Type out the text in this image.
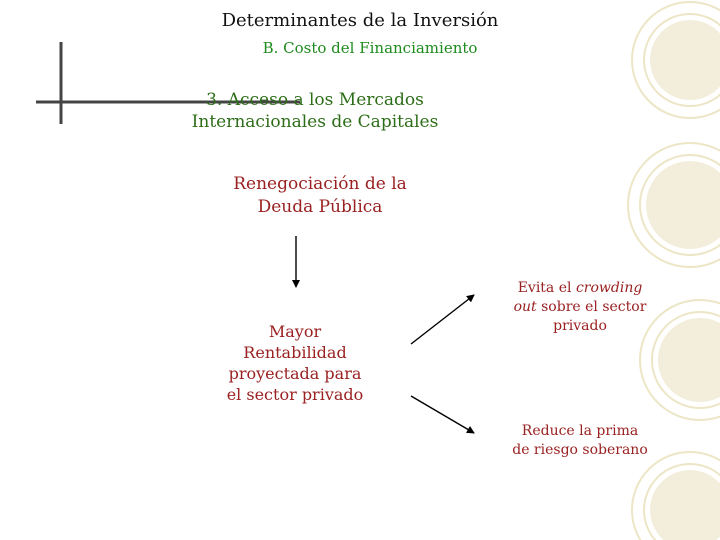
Determinantes de la Inversión
B. Costo del Financiamiento
3. Acceso a los Mercados
Internacionales de Capitales
Renegociación de la
Deuda Pública
Mayor
Rentabilidad
proyectada para
el sector privado
Evita el crowding
out sobre el sector
privado
Reduce la prima
de riesgo soberano
